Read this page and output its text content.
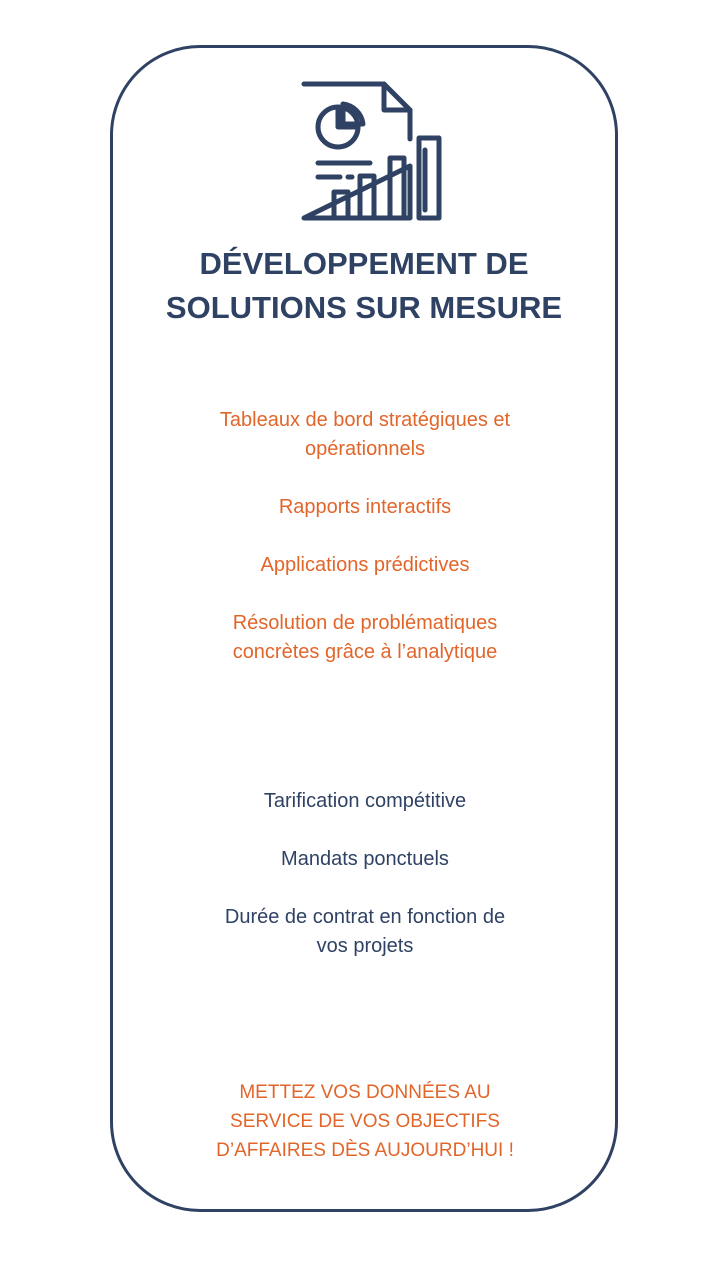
DÉVELOPPEMENT DE
SOLUTIONS SUR MESURE

Tableaux de bord stratégiques et

opérationnels

Rapports interactifs

Applications prédictives

Résolution de problématiques

concrètes grâce à l’analytique

Tarification compétitive

Mandats ponctuels

Durée de contrat en fonction de

vos projets

METTEZ VOS DONNÉES AU

SERVICE DE VOS OBJECTIFS

D’AFFAIRES DÈS AUJOURD’HUI !
